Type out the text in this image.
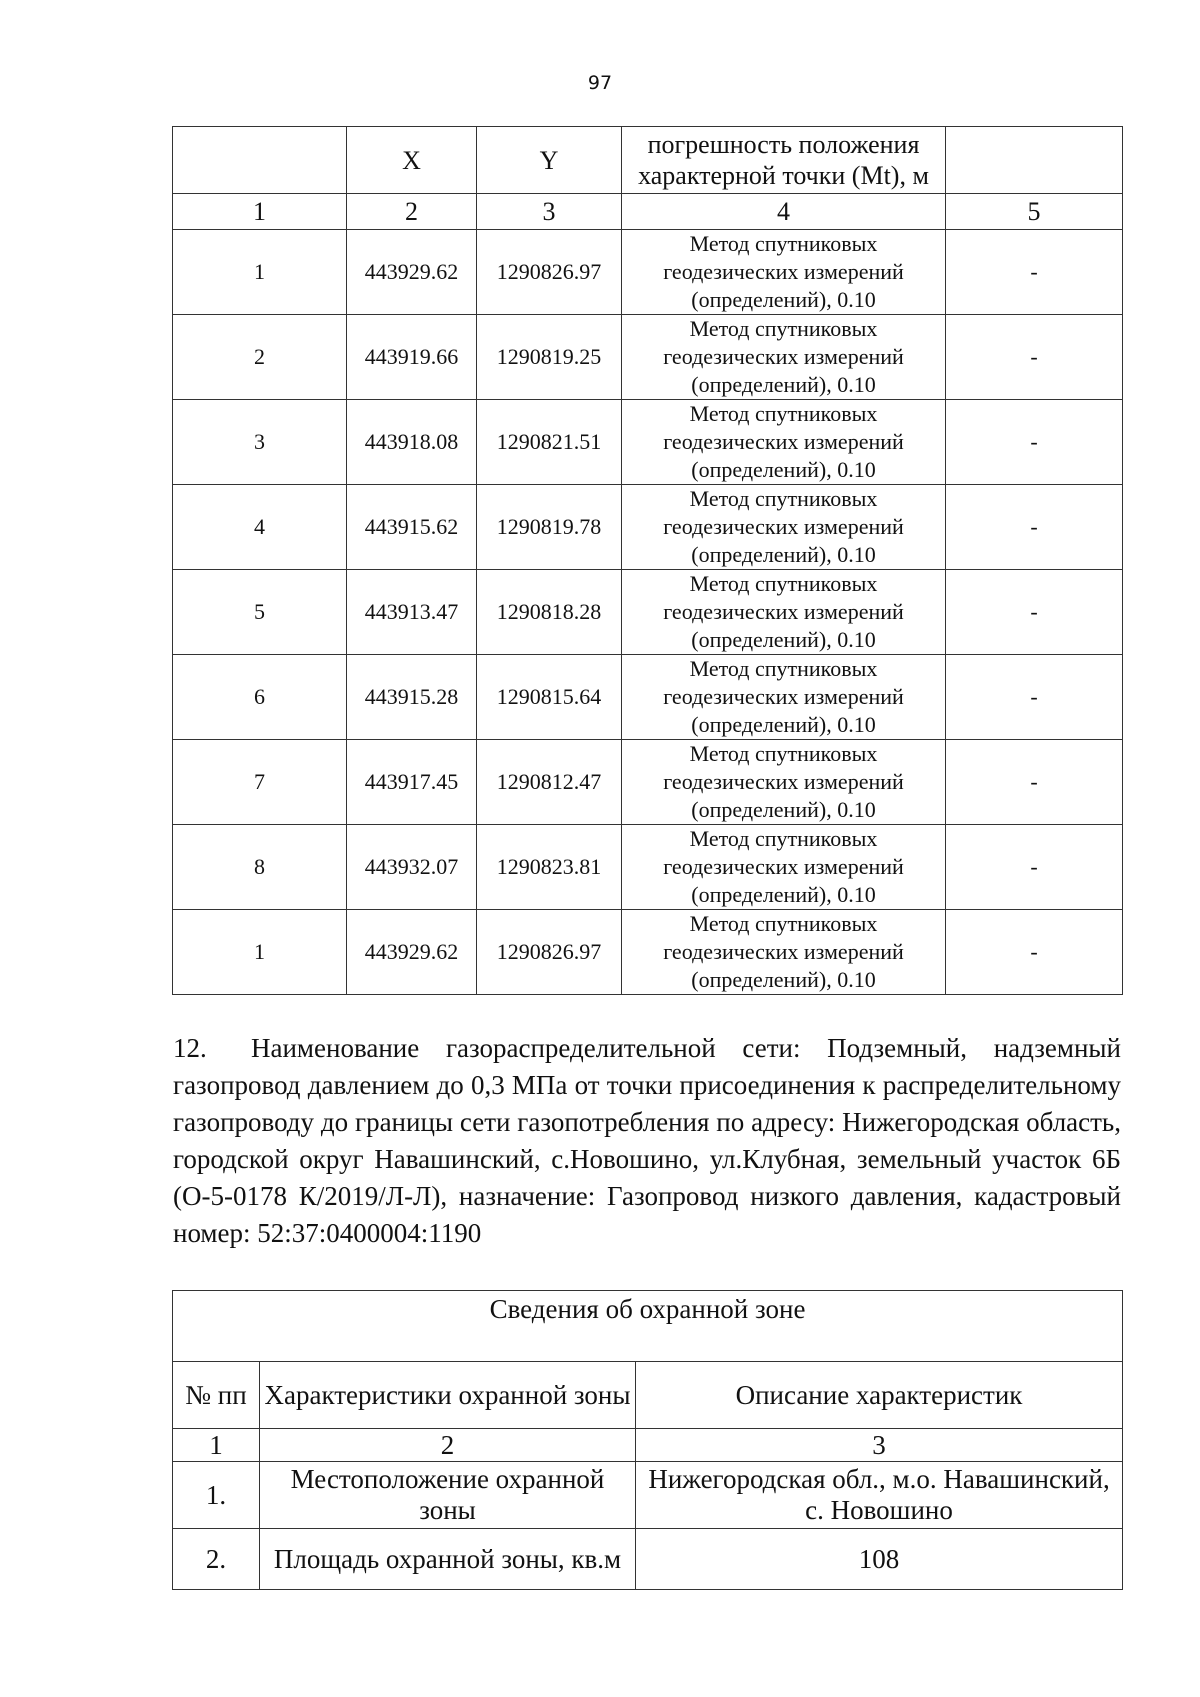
97
	X	Y	погрешность положения характерной точки (Mt), м	
1	2	3	4	5
1	443929.62	1290826.97	Метод спутниковых
геодезических измерений
(определений), 0.10	-
2	443919.66	1290819.25	Метод спутниковых
геодезических измерений
(определений), 0.10	-
3	443918.08	1290821.51	Метод спутниковых
геодезических измерений
(определений), 0.10	-
4	443915.62	1290819.78	Метод спутниковых
геодезических измерений
(определений), 0.10	-
5	443913.47	1290818.28	Метод спутниковых
геодезических измерений
(определений), 0.10	-
6	443915.28	1290815.64	Метод спутниковых
геодезических измерений
(определений), 0.10	-
7	443917.45	1290812.47	Метод спутниковых
геодезических измерений
(определений), 0.10	-
8	443932.07	1290823.81	Метод спутниковых
геодезических измерений
(определений), 0.10	-
1	443929.62	1290826.97	Метод спутниковых
геодезических измерений
(определений), 0.10	-
12. Наименование газораспределительной сети: Подземный, надземный газопровод давлением до 0,3 МПа от точки присоединения к распределительному газопроводу до границы сети газопотребления по адресу: Нижегородская область, городской округ Навашинский, с.Новошино, ул.Клубная, земельный участок 6Б (О-5-0178 К/2019/Л-Л), назначение: Газопровод низкого давления, кадастровый номер: 52:37:0400004:1190
Сведения об охранной зоне		
№ пп	Характеристики охранной зоны	Описание характеристик
1	2	3
1.	Местоположение охранной зоны	Нижегородская обл., м.о. Навашинский, с. Новошино
2.	Площадь охранной зоны, кв.м	108
